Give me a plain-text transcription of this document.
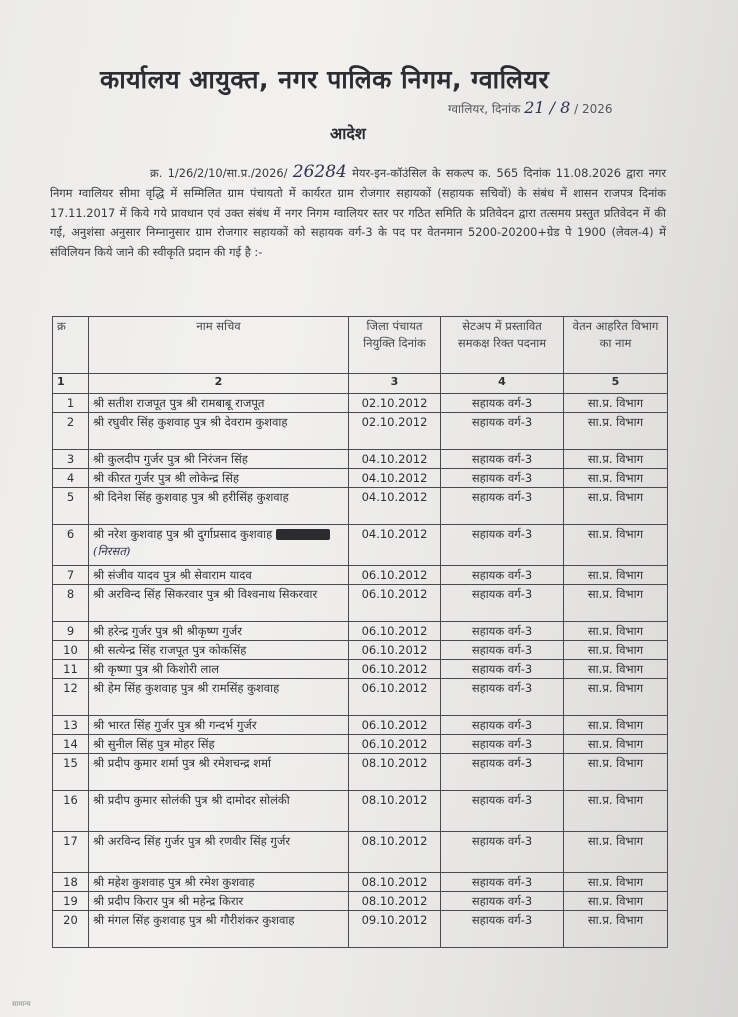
कार्यालय आयुक्त, नगर पालिक निगम, ग्वालियर
ग्वालियर, दिनांक 21 / 8 / 2026
आदेश
क्र. 1/26/2/10/सा.प्र./2026/ 26284 मेयर-इन-कॉउंसिल के सकल्प क. 565 दिनांक 11.08.2026 द्वारा नगर निगम ग्वालियर सीमा वृद्धि में सम्मिलित ग्राम पंचायतो में कार्यरत ग्राम रोजगार सहायकों (सहायक सचिवों) के संबंध में शासन राजपत्र दिनांक 17.11.2017 में किये गये प्रावधान एवं उक्त संबंध में नगर निगम ग्वालियर स्तर पर गठित समिति के प्रतिवेदन द्वारा तत्समय प्रस्तुत प्रतिवेदन में की गई, अनुशंसा अनुसार निम्नानुसार ग्राम रोजगार सहायकों को सहायक वर्ग-3 के पद पर वेतनमान 5200-20200+ग्रेड पे 1900 (लेवल-4) में संविलियन किये जाने की स्वीकृति प्रदान की गई है :-
क्र	नाम सचिव	जिला पंचायत नियुक्ति दिनांक	सेटअप में प्रस्तावित समकक्ष रिक्त पदनाम	वेतन आहरित विभाग का नाम
1	2	3	4	5
1	श्री सतीश राजपूत पुत्र श्री रामबाबू राजपूत	02.10.2012	सहायक वर्ग-3	सा.प्र. विभाग
2	श्री रघुवीर सिंह कुशवाह पुत्र श्री देवराम कुशवाह	02.10.2012	सहायक वर्ग-3	सा.प्र. विभाग
3	श्री कुलदीप गुर्जर पुत्र श्री निरंजन सिंह	04.10.2012	सहायक वर्ग-3	सा.प्र. विभाग
4	श्री कीरत गुर्जर पुत्र श्री लोकेन्द्र सिंह	04.10.2012	सहायक वर्ग-3	सा.प्र. विभाग
5	श्री दिनेश सिंह कुशवाह पुत्र श्री हरीसिंह कुशवाह	04.10.2012	सहायक वर्ग-3	सा.प्र. विभाग
6	श्री नरेश कुशवाह पुत्र श्री दुर्गाप्रसाद कुशवाह  (निरसत)	04.10.2012	सहायक वर्ग-3	सा.प्र. विभाग
7	श्री संजीव यादव पुत्र श्री सेवाराम यादव	06.10.2012	सहायक वर्ग-3	सा.प्र. विभाग
8	श्री अरविन्द सिंह सिकरवार पुत्र श्री विश्वनाथ सिकरवार	06.10.2012	सहायक वर्ग-3	सा.प्र. विभाग
9	श्री हरेन्द्र गुर्जर पुत्र श्री श्रीकृष्ण गुर्जर	06.10.2012	सहायक वर्ग-3	सा.प्र. विभाग
10	श्री सत्येन्द्र सिंह राजपूत पुत्र कोकसिंह	06.10.2012	सहायक वर्ग-3	सा.प्र. विभाग
11	श्री कृष्णा पुत्र श्री किशोरी लाल	06.10.2012	सहायक वर्ग-3	सा.प्र. विभाग
12	श्री हेम सिंह कुशवाह पुत्र श्री रामसिंह कुशवाह	06.10.2012	सहायक वर्ग-3	सा.प्र. विभाग
13	श्री भारत सिंह गुर्जर पुत्र श्री गन्दर्भ गुर्जर	06.10.2012	सहायक वर्ग-3	सा.प्र. विभाग
14	श्री सुनील सिंह पुत्र मोहर सिंह	06.10.2012	सहायक वर्ग-3	सा.प्र. विभाग
15	श्री प्रदीप कुमार शर्मा पुत्र श्री रमेशचन्द्र शर्मा	08.10.2012	सहायक वर्ग-3	सा.प्र. विभाग
16	श्री प्रदीप कुमार सोलंकी पुत्र श्री दामोदर सोलंकी	08.10.2012	सहायक वर्ग-3	सा.प्र. विभाग
17	श्री अरविन्द सिंह गुर्जर पुत्र श्री रणवीर सिंह गुर्जर	08.10.2012	सहायक वर्ग-3	सा.प्र. विभाग
18	श्री महेश कुशवाह पुत्र श्री रमेश कुशवाह	08.10.2012	सहायक वर्ग-3	सा.प्र. विभाग
19	श्री प्रदीप किरार पुत्र श्री महेन्द्र किरार	08.10.2012	सहायक वर्ग-3	सा.प्र. विभाग
20	श्री मंगल सिंह कुशवाह पुत्र श्री गौरीशंकर कुशवाह	09.10.2012	सहायक वर्ग-3	सा.प्र. विभाग
सामान्य
